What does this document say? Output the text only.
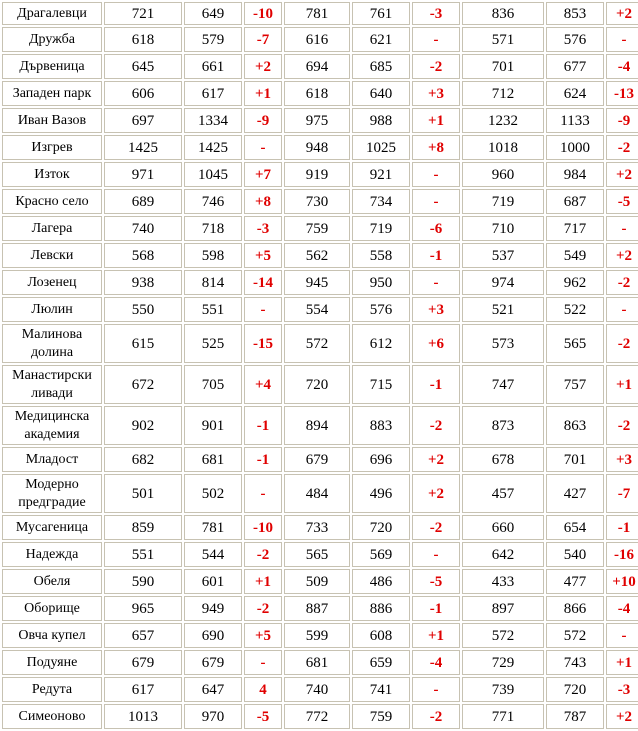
Драгалевци	721	649	-10	781	761	-3	836	853	+2
Дружба	618	579	-7	616	621	-	571	576	-
Дървеница	645	661	+2	694	685	-2	701	677	-4
Западен парк	606	617	+1	618	640	+3	712	624	-13
Иван Вазов	697	1334	-9	975	988	+1	1232	1133	-9
Изгрев	1425	1425	-	948	1025	+8	1018	1000	-2
Изток	971	1045	+7	919	921	-	960	984	+2
Красно село	689	746	+8	730	734	-	719	687	-5
Лагера	740	718	-3	759	719	-6	710	717	-
Левски	568	598	+5	562	558	-1	537	549	+2
Лозенец	938	814	-14	945	950	-	974	962	-2
Люлин	550	551	-	554	576	+3	521	522	-
Малинова долина	615	525	-15	572	612	+6	573	565	-2
Манастирски ливади	672	705	+4	720	715	-1	747	757	+1
Медицинска академия	902	901	-1	894	883	-2	873	863	-2
Младост	682	681	-1	679	696	+2	678	701	+3
Модерно предградие	501	502	-	484	496	+2	457	427	-7
Мусагеница	859	781	-10	733	720	-2	660	654	-1
Надежда	551	544	-2	565	569	-	642	540	-16
Обеля	590	601	+1	509	486	-5	433	477	+10
Оборище	965	949	-2	887	886	-1	897	866	-4
Овча купел	657	690	+5	599	608	+1	572	572	-
Подуяне	679	679	-	681	659	-4	729	743	+1
Редута	617	647	4	740	741	-	739	720	-3
Симеоново	1013	970	-5	772	759	-2	771	787	+2
